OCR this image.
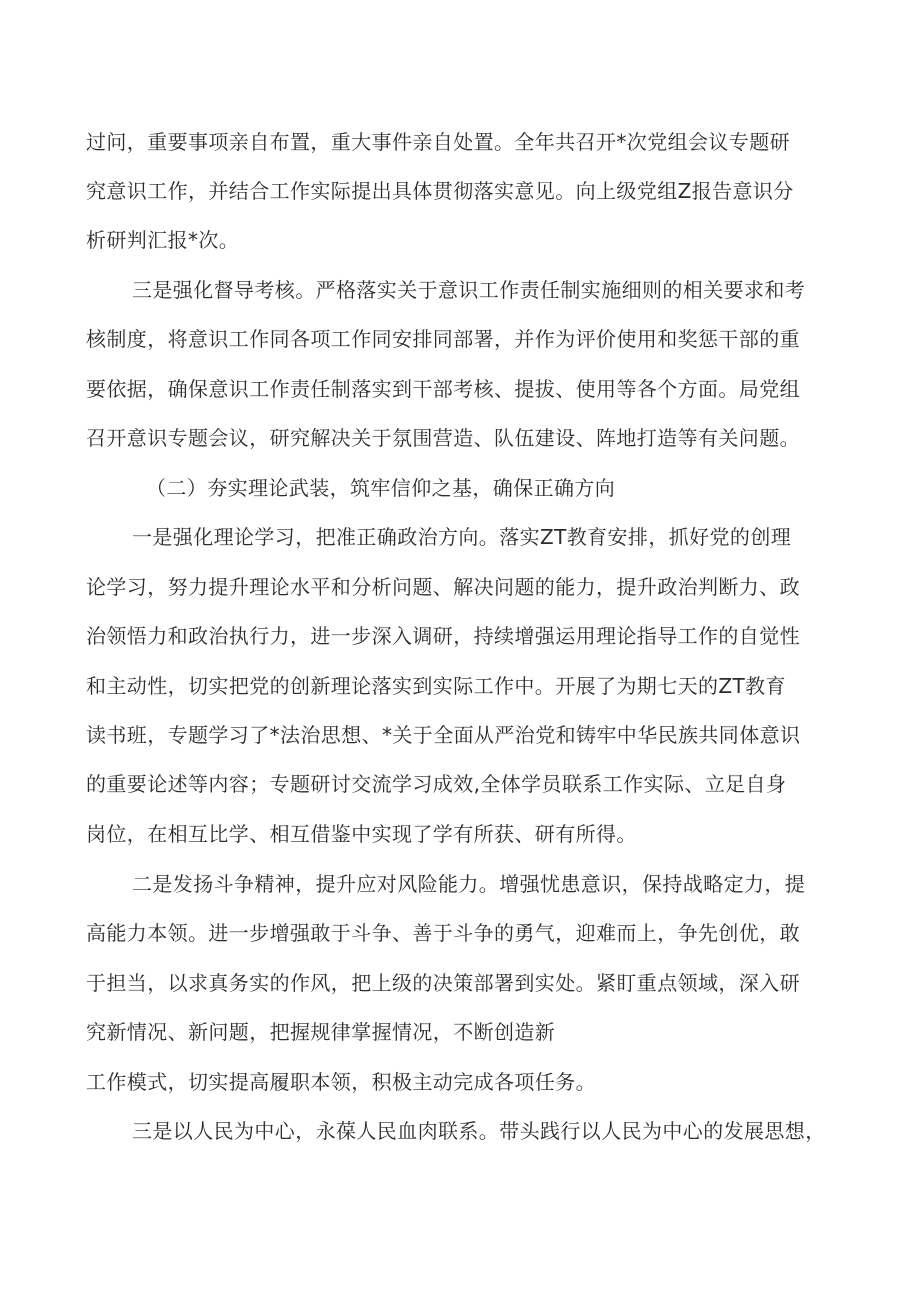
过问，重要事项亲自布置，重大事件亲自处置。全年共召开*次党组会议专题研
究意识工作，并结合工作实际提出具体贯彻落实意见。向上级党组Z报告意识分
析研判汇报*次。
三是强化督导考核。严格落实关于意识工作责任制实施细则的相关要求和考
核制度，将意识工作同各项工作同安排同部署，并作为评价使用和奖惩干部的重
要依据，确保意识工作责任制落实到干部考核、提拔、使用等各个方面。局党组
召开意识专题会议，研究解决关于氛围营造、队伍建设、阵地打造等有关问题。
（二）夯实理论武装，筑牢信仰之基，确保正确方向
一是强化理论学习，把准正确政治方向。落实ZT教育安排，抓好党的创理
论学习，努力提升理论水平和分析问题、解决问题的能力，提升政治判断力、政
治领悟力和政治执行力，进一步深入调研，持续增强运用理论指导工作的自觉性
和主动性，切实把党的创新理论落实到实际工作中。开展了为期七天的ZT教育
读书班，专题学习了*法治思想、*关于全面从严治党和铸牢中华民族共同体意识
的重要论述等内容；专题研讨交流学习成效,全体学员联系工作实际、立足自身
岗位，在相互比学、相互借鉴中实现了学有所获、研有所得。
二是发扬斗争精神，提升应对风险能力。增强忧患意识，保持战略定力，提
高能力本领。进一步增强敢于斗争、善于斗争的勇气，迎难而上，争先创优，敢
于担当，以求真务实的作风，把上级的决策部署到实处。紧盯重点领域，深入研
究新情况、新问题，把握规律掌握情况，不断创造新
工作模式，切实提高履职本领，积极主动完成各项任务。
三是以人民为中心，永葆人民血肉联系。带头践行以人民为中心的发展思想，
